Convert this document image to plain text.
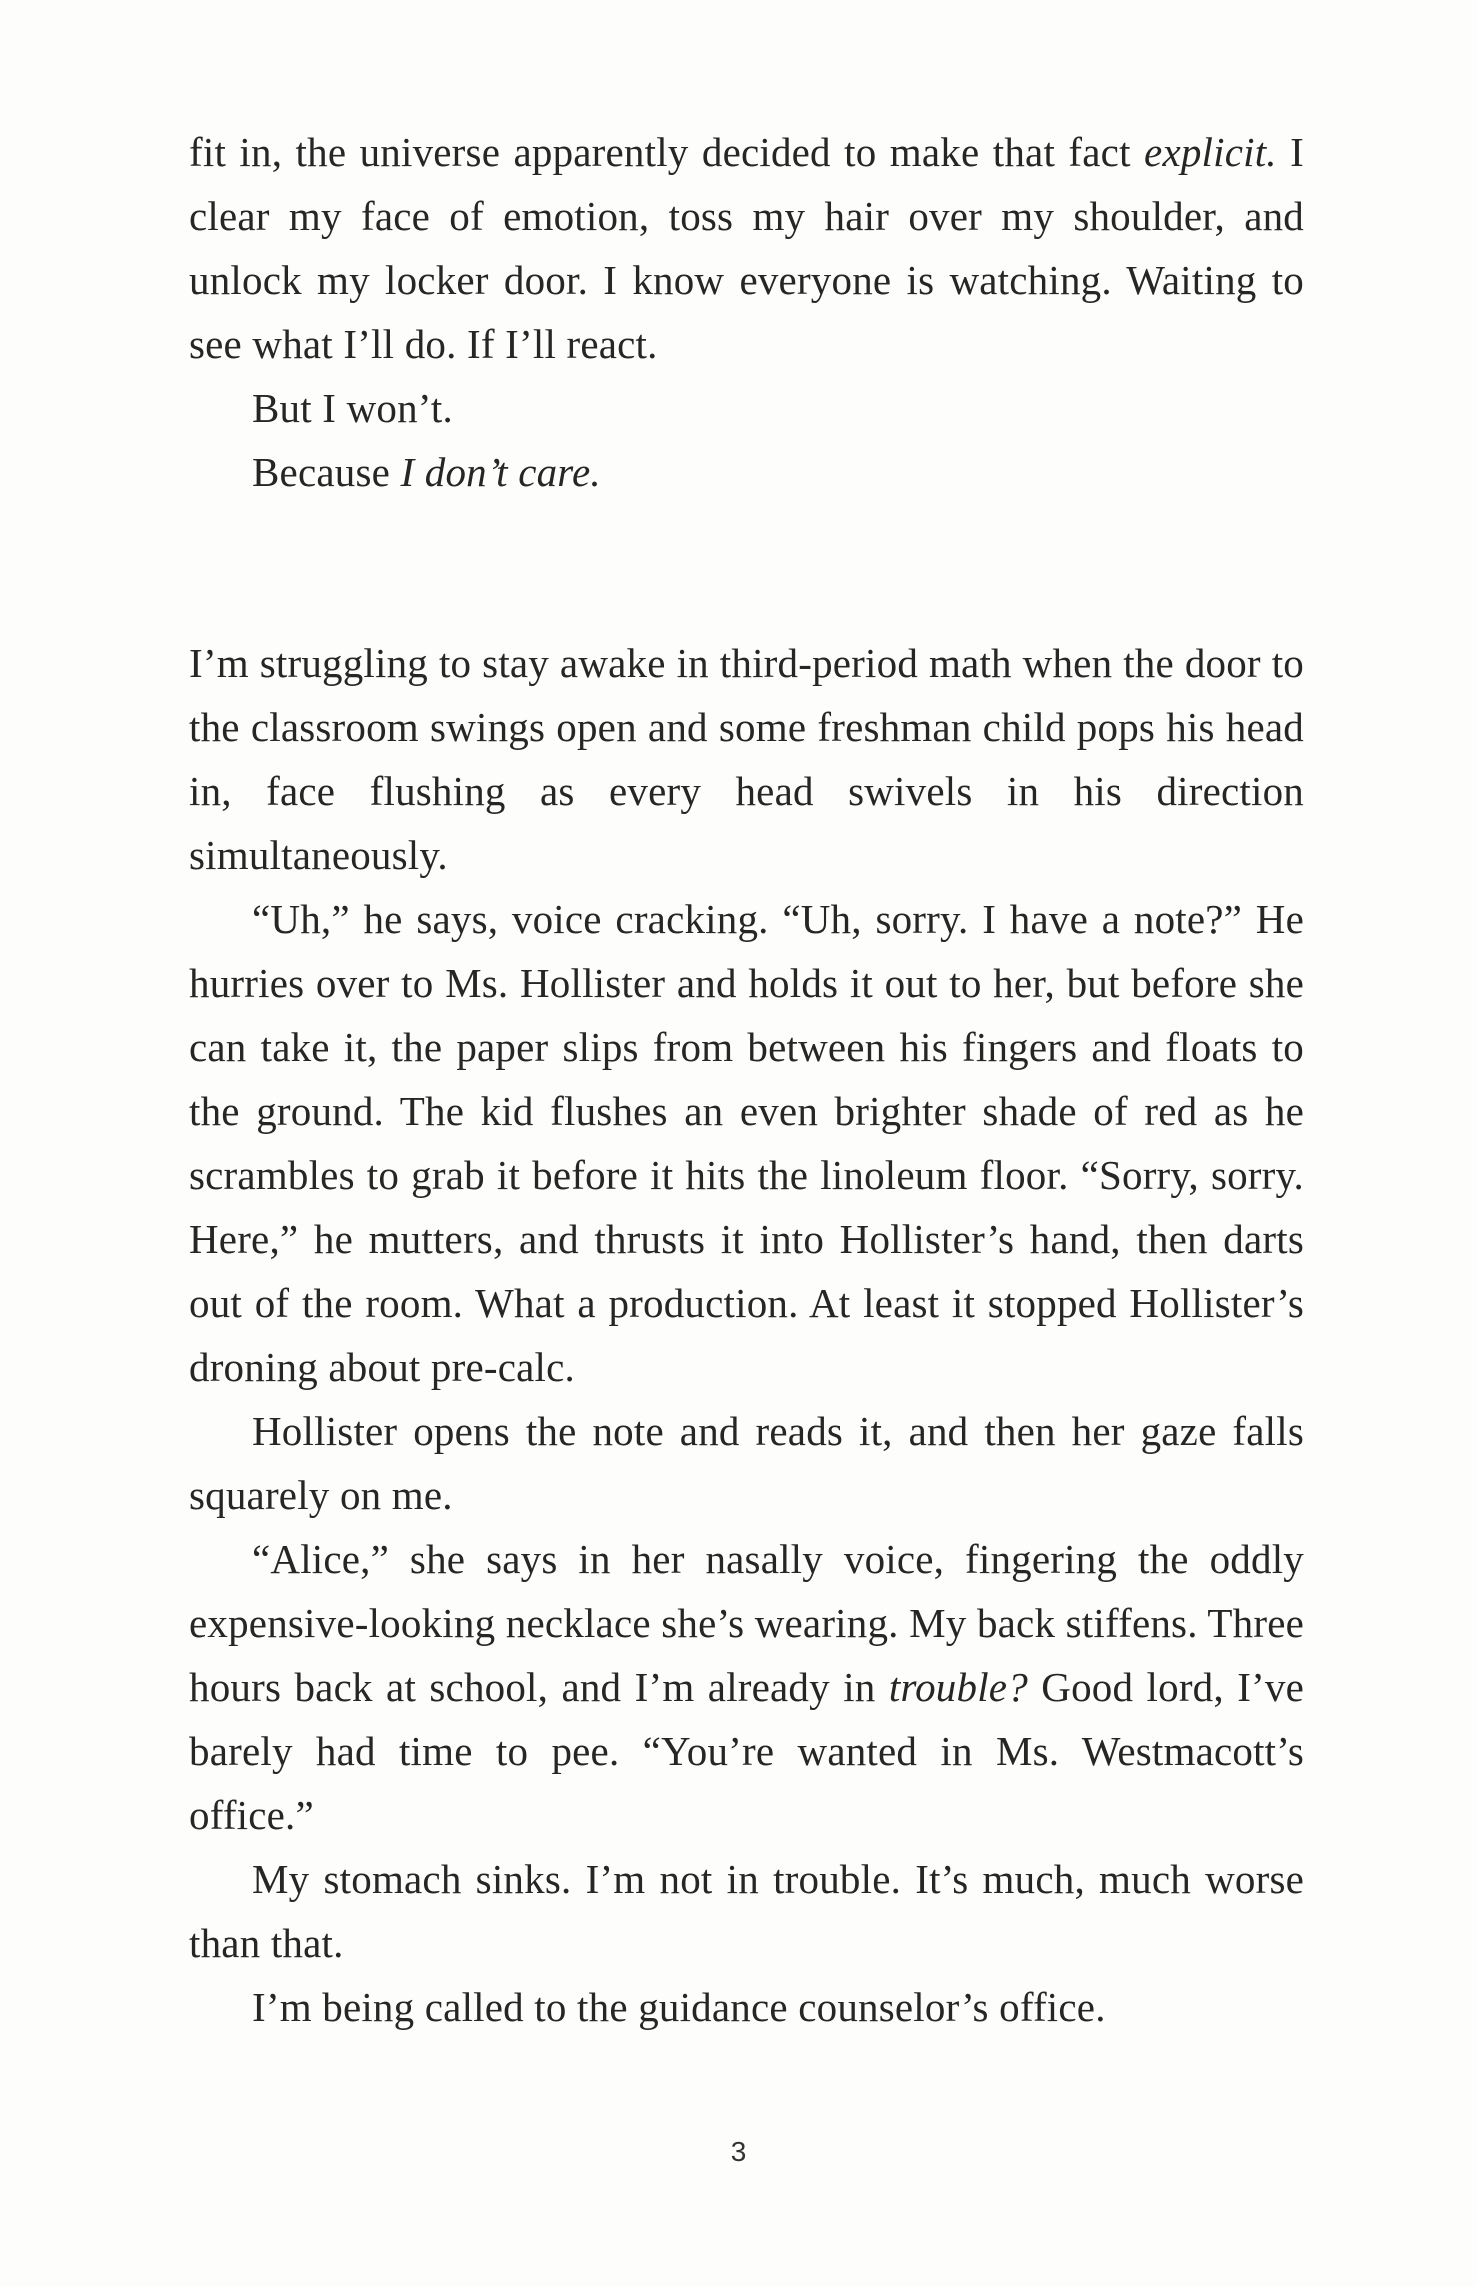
fit in, the universe apparently decided to make that fact explicit. I clear my face of emotion, toss my hair over my shoulder, and unlock my locker door. I know everyone is watching. Waiting to see what I’ll do. If I’ll react.

But I won’t.

Because I don’t care.

I’m struggling to stay awake in third-period math when the door to the classroom swings open and some freshman child pops his head in, face flushing as every head swivels in his direction simultaneously.

“Uh,” he says, voice cracking. “Uh, sorry. I have a note?” He hurries over to Ms. Hollister and holds it out to her, but before she can take it, the paper slips from between his fingers and floats to the ground. The kid flushes an even brighter shade of red as he scrambles to grab it before it hits the linoleum floor. “Sorry, sorry. Here,” he mutters, and thrusts it into Hollister’s hand, then darts out of the room. What a production. At least it stopped Hollister’s droning about pre-calc.

Hollister opens the note and reads it, and then her gaze falls squarely on me.

“Alice,” she says in her nasally voice, fingering the oddly expensive-looking necklace she’s wearing. My back stiffens. Three hours back at school, and I’m already in trouble? Good lord, I’ve barely had time to pee. “You’re wanted in Ms. Westmacott’s office.”

My stomach sinks. I’m not in trouble. It’s much, much worse than that.

I’m being called to the guidance counselor’s office.

3
